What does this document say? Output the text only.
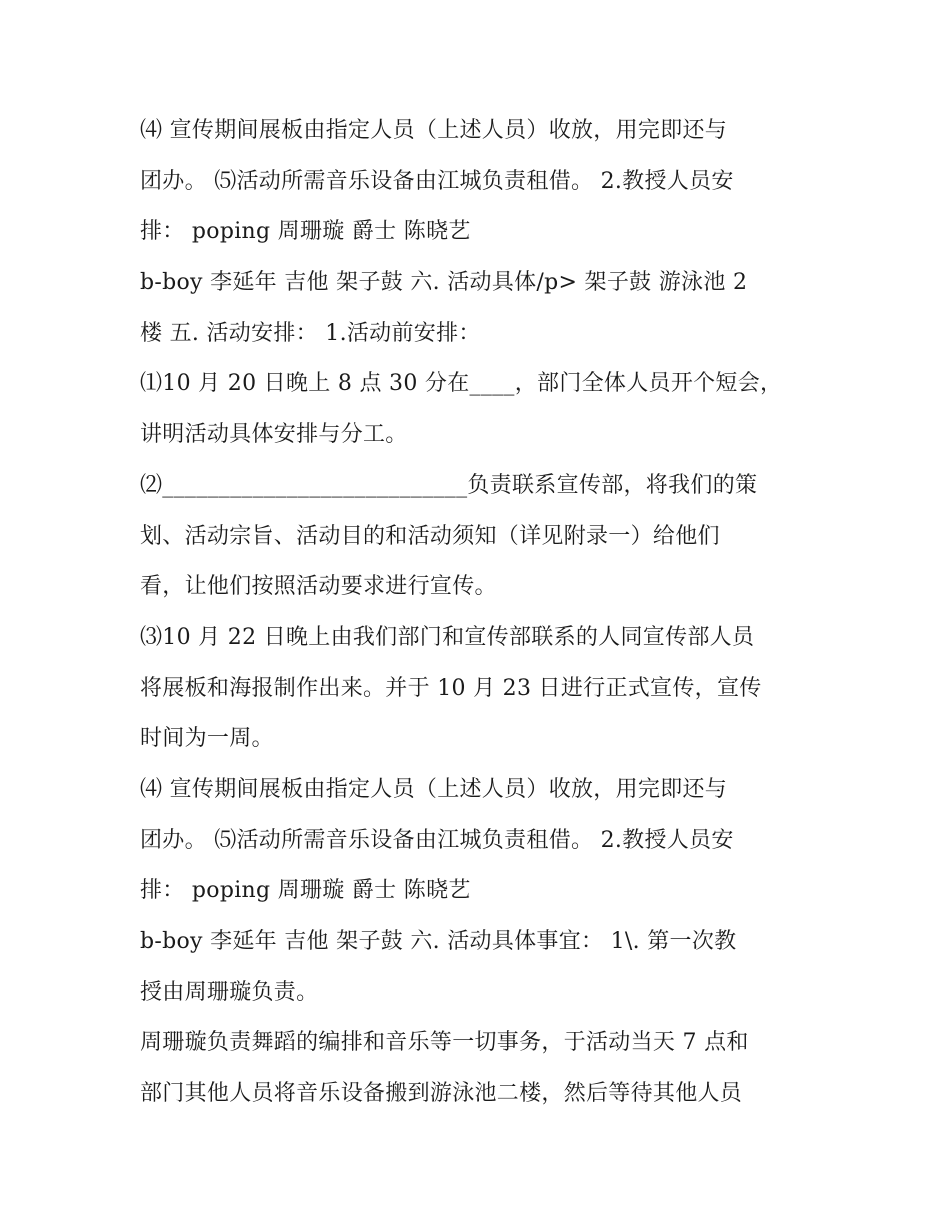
⑷ 宣传期间展板由指定人员（上述人员）收放，用完即还与
团办。 ⑸活动所需音乐设备由江城负责租借。 2.教授人员安
排： poping 周珊璇 爵士 陈晓艺
b-boy 李延年 吉他 架子鼓 六. 活动具体/p> 架子鼓 游泳池 2
楼 五. 活动安排： 1.活动前安排：
⑴10 月 20 日晚上 8 点 30 分在____，部门全体人员开个短会，
讲明活动具体安排与分工。
⑵___________________________负责联系宣传部，将我们的策
划、活动宗旨、活动目的和活动须知（详见附录一）给他们
看，让他们按照活动要求进行宣传。
⑶10 月 22 日晚上由我们部门和宣传部联系的人同宣传部人员
将展板和海报制作出来。并于 10 月 23 日进行正式宣传，宣传
时间为一周。
⑷ 宣传期间展板由指定人员（上述人员）收放，用完即还与
团办。 ⑸活动所需音乐设备由江城负责租借。 2.教授人员安
排： poping 周珊璇 爵士 陈晓艺
b-boy 李延年 吉他 架子鼓 六. 活动具体事宜： 1\. 第一次教
授由周珊璇负责。
周珊璇负责舞蹈的编排和音乐等一切事务，于活动当天 7 点和
部门其他人员将音乐设备搬到游泳池二楼，然后等待其他人员
